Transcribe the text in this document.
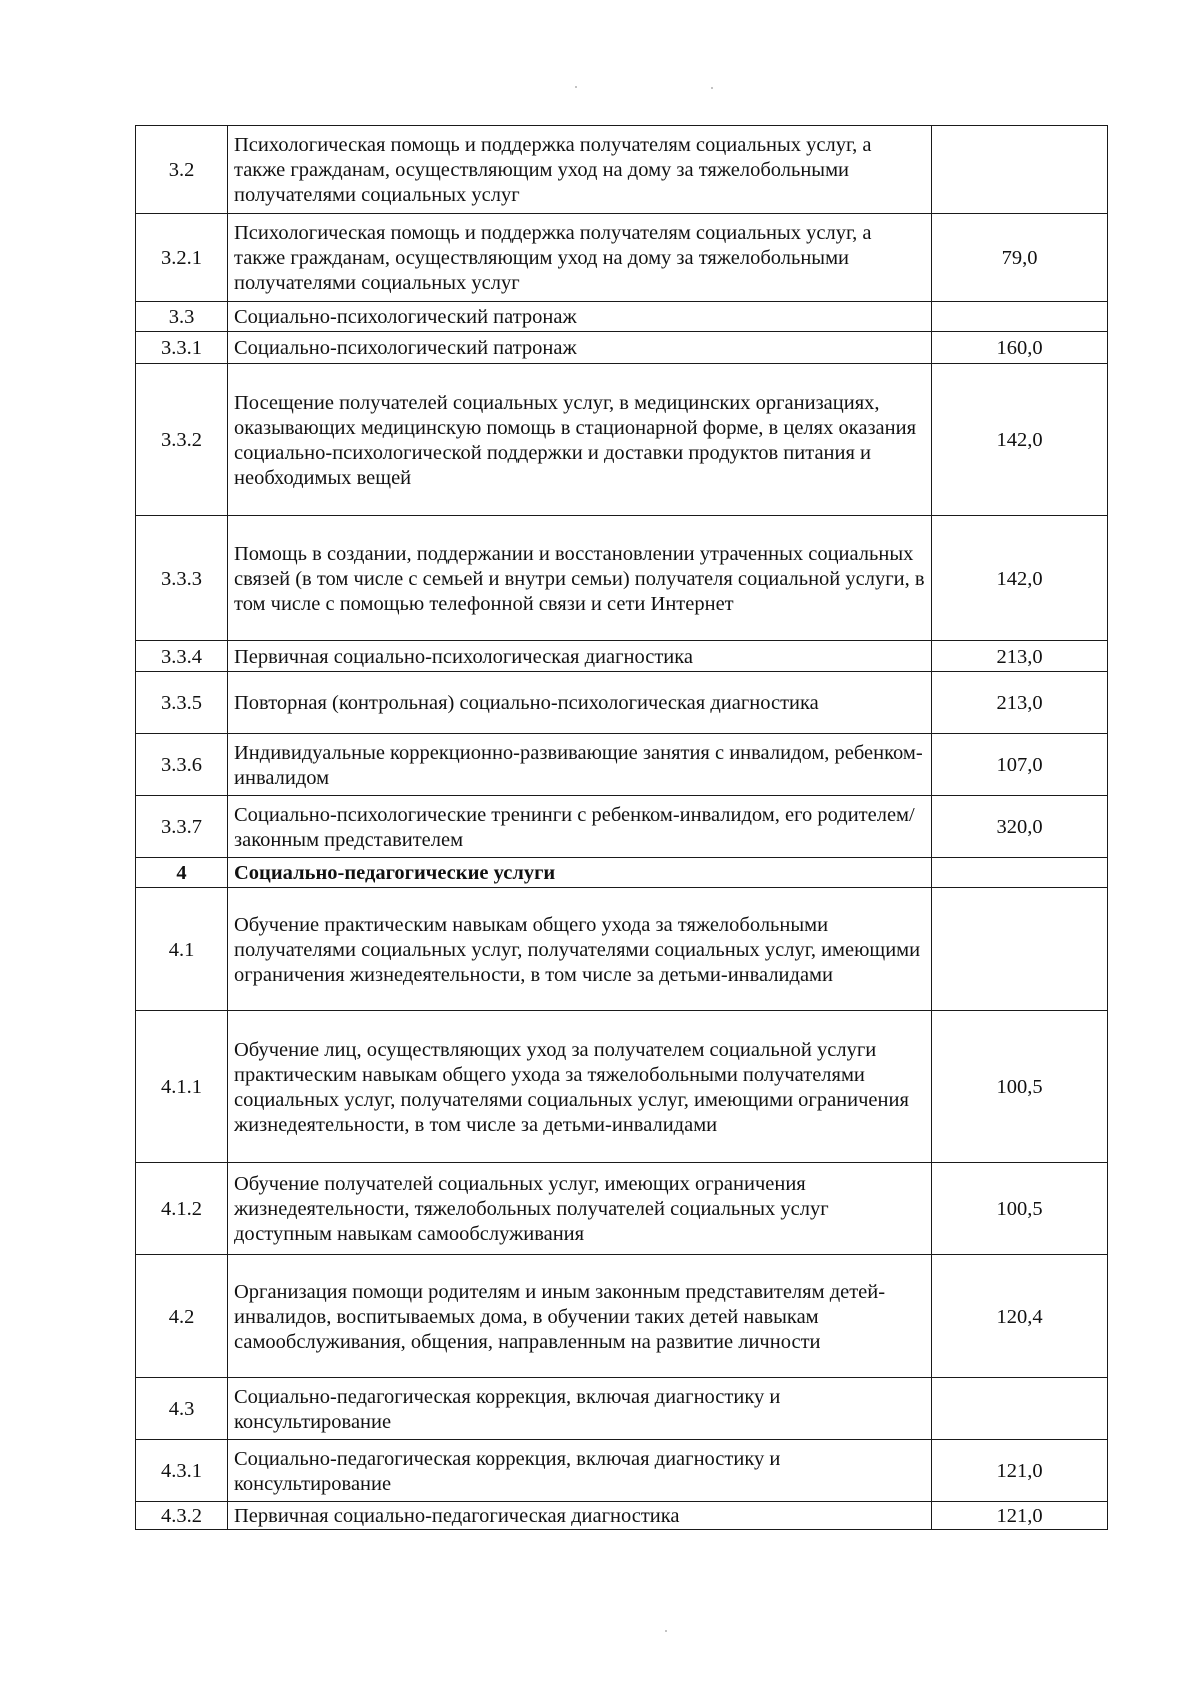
3.2	Психологическая помощь и поддержка получателям социальных услуг, а также гражданам, осуществляющим уход на дому за тяжелобольными получателями социальных услуг	
3.2.1	Психологическая помощь и поддержка получателям социальных услуг, а также гражданам, осуществляющим уход на дому за тяжелобольными получателями социальных услуг	79,0
3.3	Социально-психологический патронаж	
3.3.1	Социально-психологический патронаж	160,0
3.3.2	Посещение получателей социальных услуг, в медицинских организациях, оказывающих медицинскую помощь в стационарной форме, в целях оказания социально-психологической поддержки и доставки продуктов питания и необходимых вещей	142,0
3.3.3	Помощь в создании, поддержании и восстановлении утраченных социальных связей (в том числе с семьей и внутри семьи) получателя социальной услуги, в том числе с помощью телефонной связи и сети Интернет	142,0
3.3.4	Первичная социально-психологическая диагностика	213,0
3.3.5	Повторная (контрольная) социально-психологическая диагностика	213,0
3.3.6	Индивидуальные коррекционно-развивающие занятия с инвалидом, ребенком-инвалидом	107,0
3.3.7	Социально-психологические тренинги с ребенком-инвалидом, его родителем/законным представителем	320,0
4	Социально-педагогические услуги	
4.1	Обучение практическим навыкам общего ухода за тяжелобольными получателями социальных услуг, получателями социальных услуг, имеющими ограничения жизнедеятельности, в том числе за детьми-инвалидами	
4.1.1	Обучение лиц, осуществляющих уход за получателем социальной услуги практическим навыкам общего ухода за тяжелобольными получателями социальных услуг, получателями социальных услуг, имеющими ограничения жизнедеятельности, в том числе за детьми-инвалидами	100,5
4.1.2	Обучение получателей социальных услуг, имеющих ограничения жизнедеятельности, тяжелобольных получателей социальных услуг доступным навыкам самообслуживания	100,5
4.2	Организация помощи родителям и иным законным представителям детей-инвалидов, воспитываемых дома, в обучении таких детей навыкам самообслуживания, общения, направленным на развитие личности	120,4
4.3	Социально-педагогическая коррекция, включая диагностику и консультирование	
4.3.1	Социально-педагогическая коррекция, включая диагностику и консультирование	121,0
4.3.2	Первичная социально-педагогическая диагностика	121,0
